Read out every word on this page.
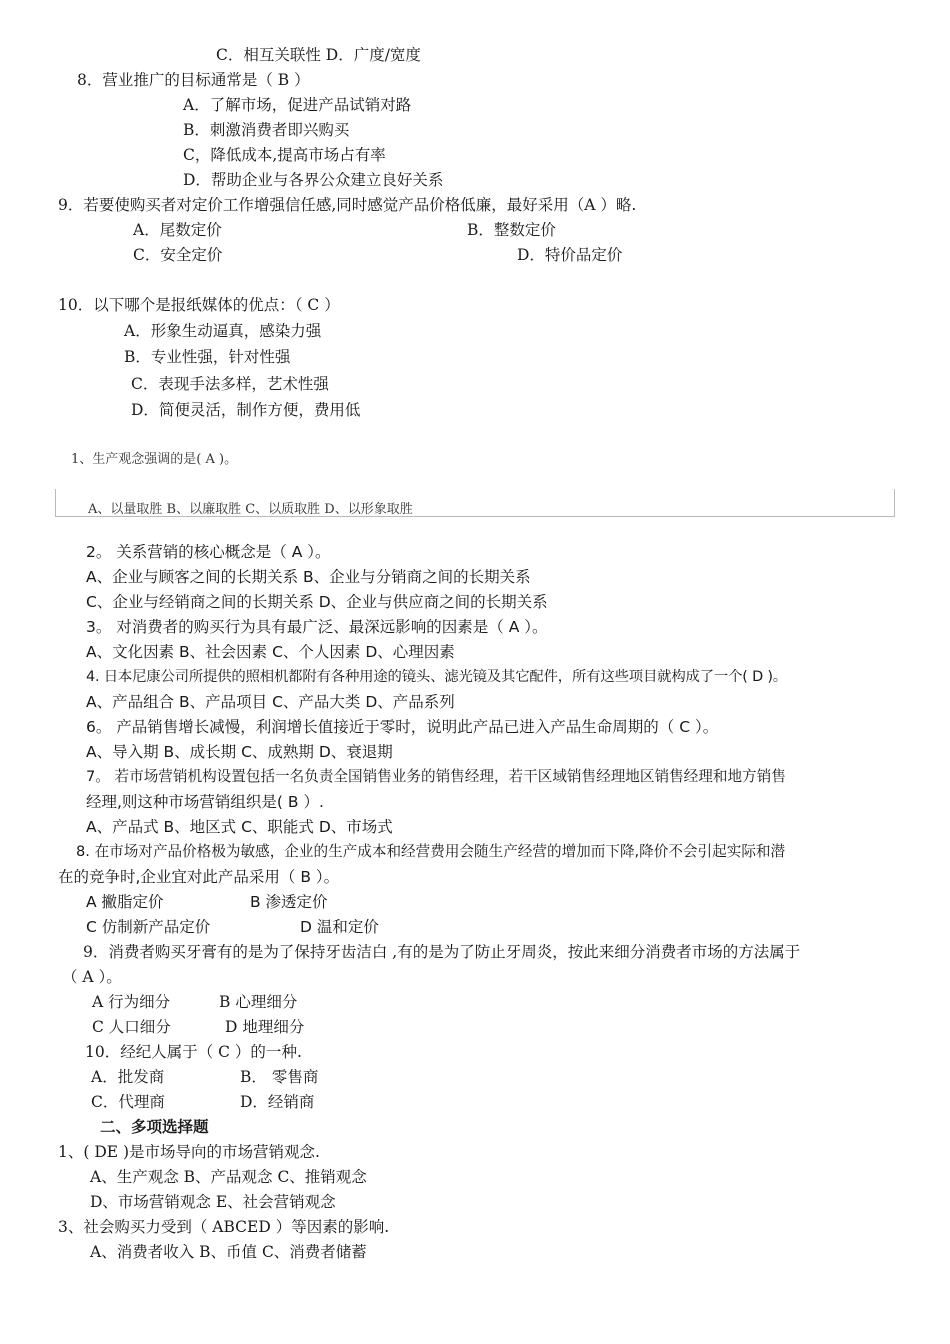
C．相互关联性 D．广度/宽度
8．营业推广的目标通常是（ B ）
A．了解市场，促进产品试销对路
B．刺激消费者即兴购买
C，降低成本,提高市场占有率
D．帮助企业与各界公众建立良好关系
9．若要使购买者对定价工作增强信任感,同时感觉产品价格低廉，最好采用（A ）略.
A．尾数定价	B．整数定价
C．安全定价	D．特价品定价
10．以下哪个是报纸媒体的优点：（ C ）
A．形象生动逼真，感染力强
B．专业性强，针对性强
C．表现手法多样，艺术性强
D．简便灵活，制作方便，费用低
1、生产观念强调的是( A )。
A、以量取胜 B、以廉取胜 C、以质取胜 D、以形象取胜
2。 关系营销的核心概念是（ A ）。
A、企业与顾客之间的长期关系 B、企业与分销商之间的长期关系
C、企业与经销商之间的长期关系 D、企业与供应商之间的长期关系
3。 对消费者的购买行为具有最广泛、最深远影响的因素是（ A ）。
A、文化因素 B、社会因素 C、个人因素 D、心理因素
4. 日本尼康公司所提供的照相机都附有各种用途的镜头、滤光镜及其它配件，所有这些项目就构成了一个( D )。
A、产品组合 B、产品项目 C、产品大类 D、产品系列
6。 产品销售增长减慢，利润增长值接近于零时，说明此产品已进入产品生命周期的（ C ）。
A、导入期 B、成长期 C、成熟期 D、衰退期
7。 若市场营销机构设置包括一名负责全国销售业务的销售经理，若干区域销售经理地区销售经理和地方销售
经理,则这种市场营销组织是( B ）.
A、产品式 B、地区式 C、职能式 D、市场式
8. 在市场对产品价格极为敏感，企业的生产成本和经营费用会随生产经营的增加而下降,降价不会引起实际和潜
在的竞争时,企业宜对此产品采用（ B ）。
A 撇脂定价	B 渗透定价
C 仿制新产品定价	D 温和定价
9．消费者购买牙膏有的是为了保持牙齿洁白 ,有的是为了防止牙周炎，按此来细分消费者市场的方法属于
（ A ）。
A 行为细分	B 心理细分
C 人口细分	D 地理细分
10．经纪人属于（ C ）的一种.
A．批发商	B． 零售商
C．代理商	D．经销商
二、多项选择题
1、( DE )是市场导向的市场营销观念.
A、生产观念 B、产品观念 C、推销观念
D、市场营销观念 E、社会营销观念
3、社会购买力受到（ ABCED ）等因素的影响.
A、消费者收入 B、币值 C、消费者储蓄
